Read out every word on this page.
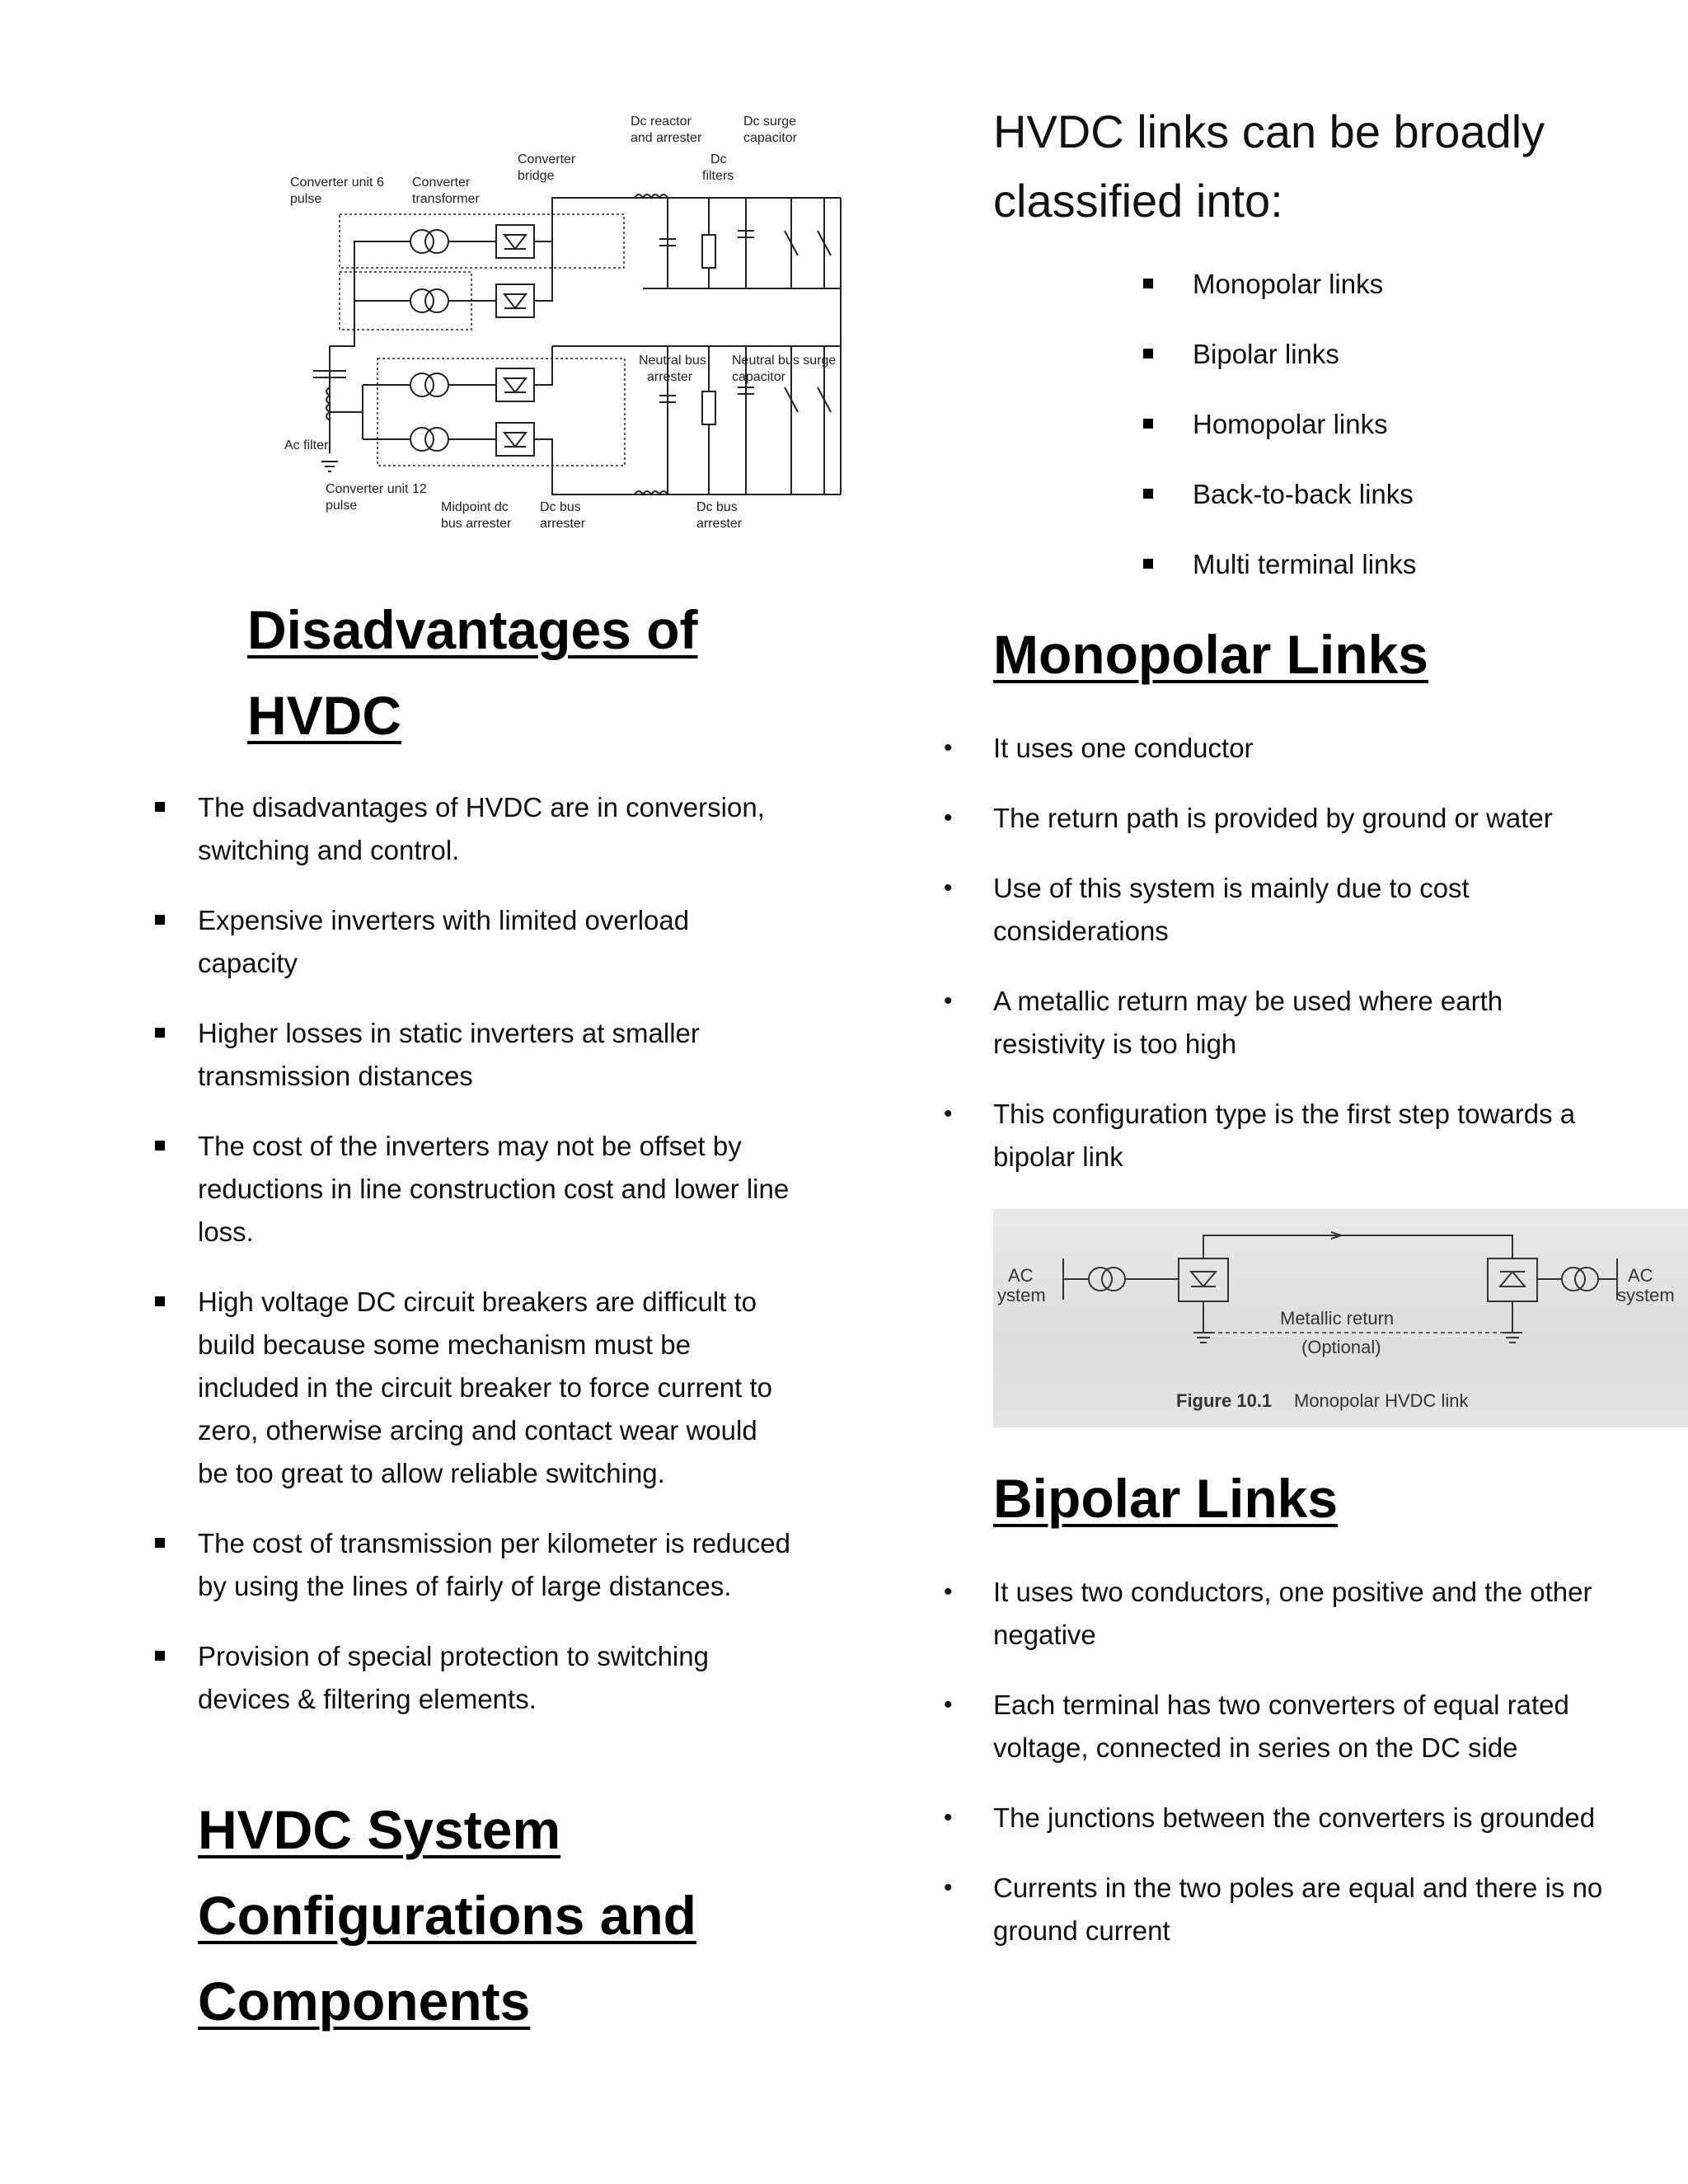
Dc reactor
and arrester
Dc surge
capacitor
Converter
bridge
Dc
filters
Converter unit 6
pulse
Converter
transformer
Neutral bus
arrester
Neutral bus surge
capacitor
Ac filter
Converter unit 12
pulse	Midpoint dc
bus arrester
Dc bus
arrester
Dc bus
arrester
Disadvantages of
HVDC
The disadvantages of HVDC are in conversion, switching and control.
Expensive inverters with limited overload capacity
Higher losses in static inverters at smaller transmission distances
The cost of the inverters may not be offset by reductions in line construction cost and lower line loss.
High voltage DC circuit breakers are difficult to build because some mechanism must be included in the circuit breaker to force current to zero, otherwise arcing and contact wear would be too great to allow reliable switching.
The cost of transmission per kilometer is reduced by using the lines of fairly of large distances.
Provision of special protection to switching devices & filtering elements.
HVDC System
Configurations and
Components

HVDC links can be broadly
classified into:

Monopolar links
Bipolar links
Homopolar links
Back-to-back links
Multi terminal links
Monopolar Links
• It uses one conductor
• The return path is provided by ground or water
• Use of this system is mainly due to cost considerations
• A metallic return may be used where earth resistivity is too high
• This configuration type is the first step towards a bipolar link
AC
ystem
AC
system
Metallic return
(Optional)
Figure 10.1 Monopolar HVDC link
Bipolar Links
• It uses two conductors, one positive and the other negative
• Each terminal has two converters of equal rated voltage, connected in series on the DC side
• The junctions between the converters is grounded
• Currents in the two poles are equal and there is no ground current
